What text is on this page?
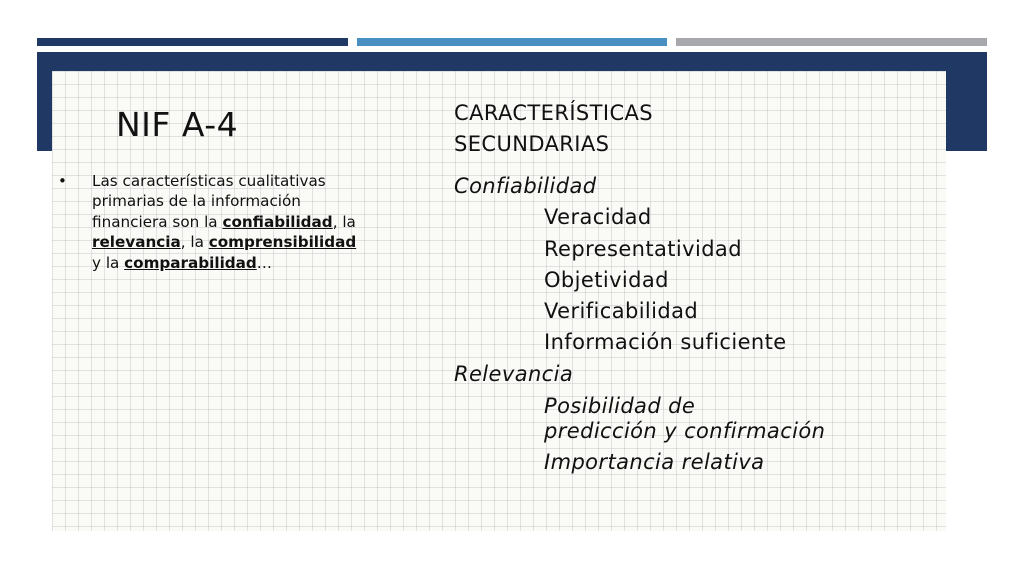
NIF A-4
• Las características cualitativas primarias de la información financiera son la confiabilidad, la relevancia, la comprensibilidad y la comparabilidad…
CARACTERÍSTICAS
SECUNDARIAS
Confiabilidad
Veracidad
Representatividad
Objetividad
Verificabilidad
Información suficiente
Relevancia
Posibilidad de
predicción y confirmación
Importancia relativa
